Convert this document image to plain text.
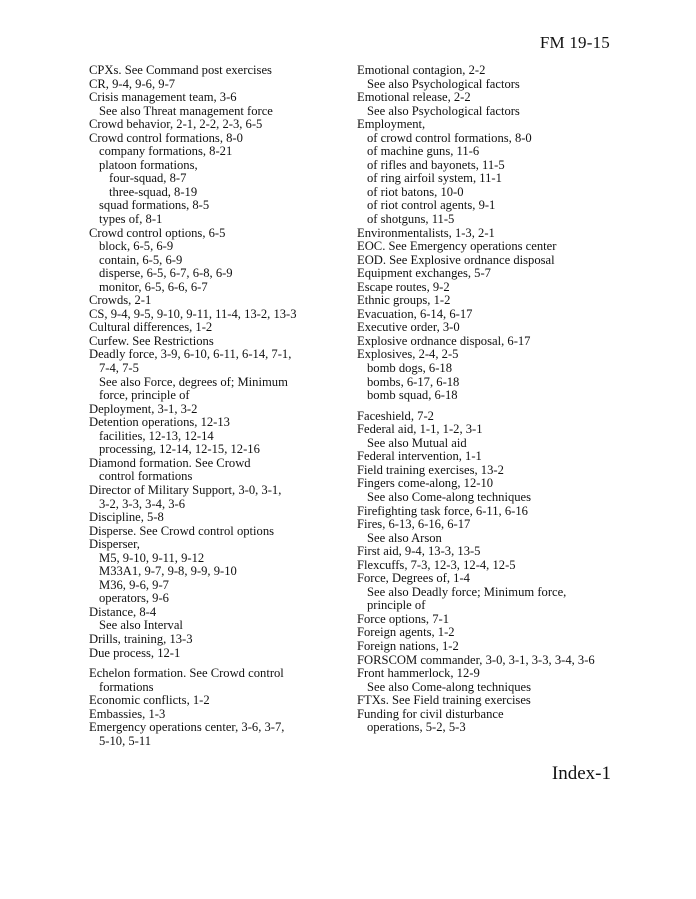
FM 19-15
CPXs. See Command post exercises
CR, 9-4, 9-6, 9-7
Crisis management team, 3-6
See also Threat management force
Crowd behavior, 2-1, 2-2, 2-3, 6-5
Crowd control formations, 8-0
company formations, 8-21
platoon formations,
four-squad, 8-7
three-squad, 8-19
squad formations, 8-5
types of, 8-1
Crowd control options, 6-5
block, 6-5, 6-9
contain, 6-5, 6-9
disperse, 6-5, 6-7, 6-8, 6-9
monitor, 6-5, 6-6, 6-7
Crowds, 2-1
CS, 9-4, 9-5, 9-10, 9-11, 11-4, 13-2, 13-3
Cultural differences, 1-2
Curfew. See Restrictions
Deadly force, 3-9, 6-10, 6-11, 6-14, 7-1,
7-4, 7-5
See also Force, degrees of; Minimum
force, principle of
Deployment, 3-1, 3-2
Detention operations, 12-13
facilities, 12-13, 12-14
processing, 12-14, 12-15, 12-16
Diamond formation. See Crowd
control formations
Director of Military Support, 3-0, 3-1,
3-2, 3-3, 3-4, 3-6
Discipline, 5-8
Disperse. See Crowd control options
Disperser,
M5, 9-10, 9-11, 9-12
M33A1, 9-7, 9-8, 9-9, 9-10
M36, 9-6, 9-7
operators, 9-6
Distance, 8-4
See also Interval
Drills, training, 13-3
Due process, 12-1
Echelon formation. See Crowd control
formations
Economic conflicts, 1-2
Embassies, 1-3
Emergency operations center, 3-6, 3-7,
5-10, 5-11
Emotional contagion, 2-2
See also Psychological factors
Emotional release, 2-2
See also Psychological factors
Employment,
of crowd control formations, 8-0
of machine guns, 11-6
of rifles and bayonets, 11-5
of ring airfoil system, 11-1
of riot batons, 10-0
of riot control agents, 9-1
of shotguns, 11-5
Environmentalists, 1-3, 2-1
EOC. See Emergency operations center
EOD. See Explosive ordnance disposal
Equipment exchanges, 5-7
Escape routes, 9-2
Ethnic groups, 1-2
Evacuation, 6-14, 6-17
Executive order, 3-0
Explosive ordnance disposal, 6-17
Explosives, 2-4, 2-5
bomb dogs, 6-18
bombs, 6-17, 6-18
bomb squad, 6-18
Faceshield, 7-2
Federal aid, 1-1, 1-2, 3-1
See also Mutual aid
Federal intervention, 1-1
Field training exercises, 13-2
Fingers come-along, 12-10
See also Come-along techniques
Firefighting task force, 6-11, 6-16
Fires, 6-13, 6-16, 6-17
See also Arson
First aid, 9-4, 13-3, 13-5
Flexcuffs, 7-3, 12-3, 12-4, 12-5
Force, Degrees of, 1-4
See also Deadly force; Minimum force,
principle of
Force options, 7-1
Foreign agents, 1-2
Foreign nations, 1-2
FORSCOM commander, 3-0, 3-1, 3-3, 3-4, 3-6
Front hammerlock, 12-9
See also Come-along techniques
FTXs. See Field training exercises
Funding for civil disturbance
operations, 5-2, 5-3
Index-1
